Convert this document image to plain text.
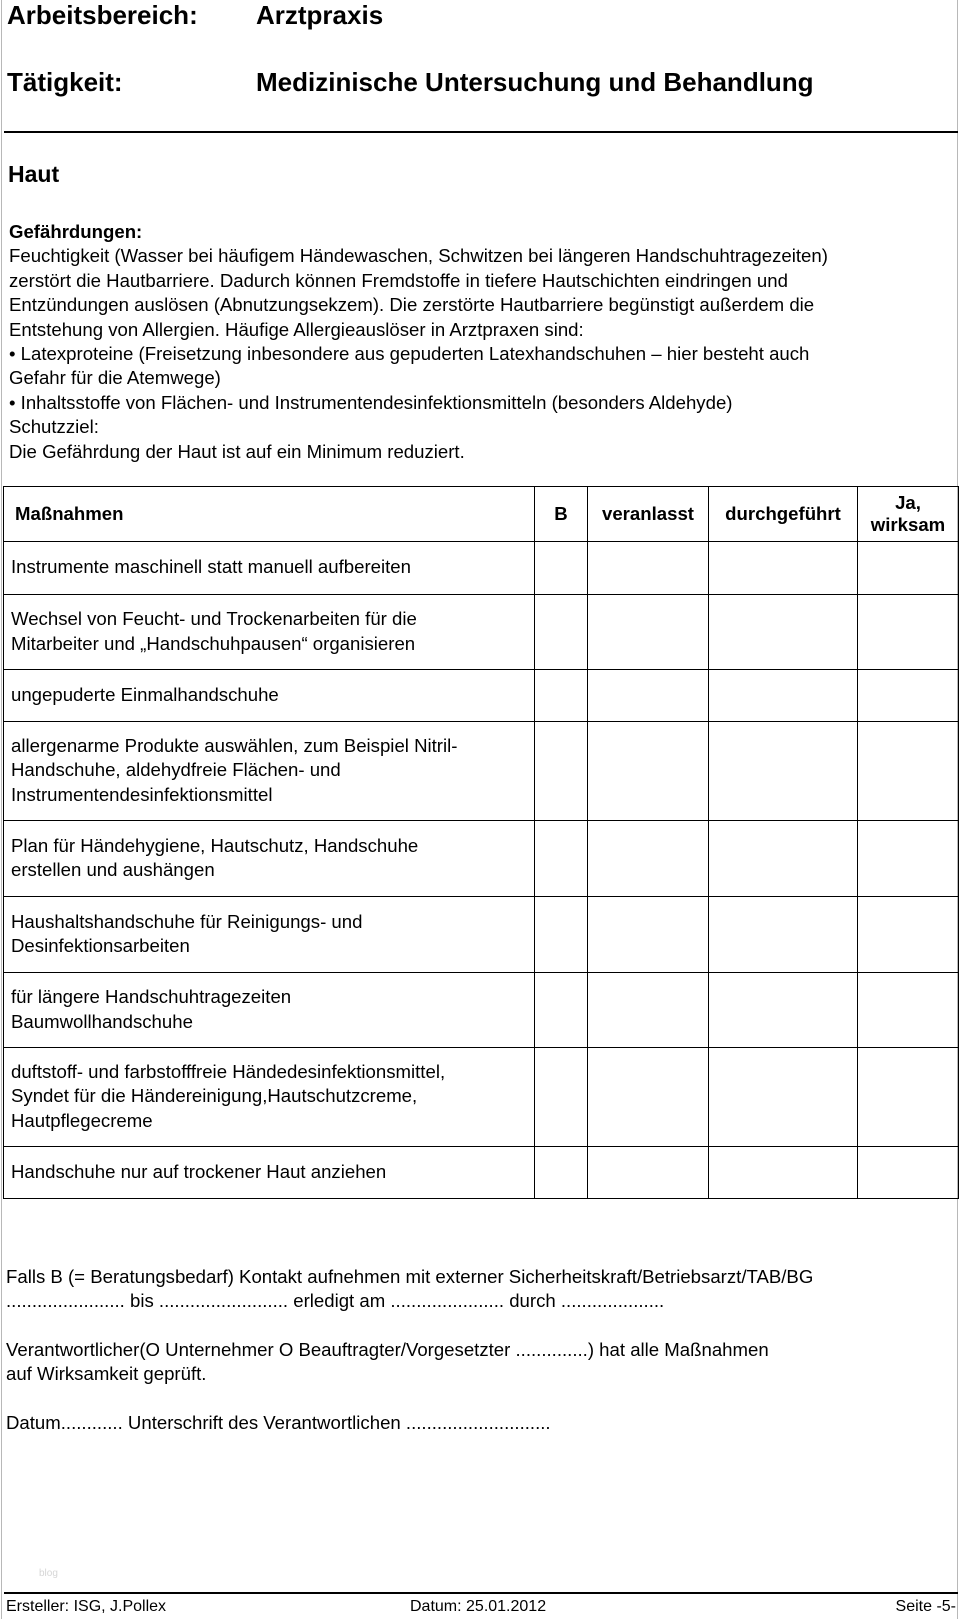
Arbeitsbereich: Arztpraxis
Tätigkeit:	Medizinische Untersuchung und Behandlung
Haut
Gefährdungen:
Feuchtigkeit (Wasser bei häufigem Händewaschen, Schwitzen bei längeren Handschuhtragezeiten)
zerstört die Hautbarriere. Dadurch können Fremdstoffe in tiefere Hautschichten eindringen und
Entzündungen auslösen (Abnutzungsekzem). Die zerstörte Hautbarriere begünstigt außerdem die
Entstehung von Allergien. Häufige Allergieauslöser in Arztpraxen sind:
• Latexproteine (Freisetzung inbesondere aus gepuderten Latexhandschuhen – hier besteht auch
Gefahr für die Atemwege)
• Inhaltsstoffe von Flächen- und Instrumentendesinfektionsmitteln (besonders Aldehyde)
Schutzziel:
Die Gefährdung der Haut ist auf ein Minimum reduziert.
Maßnahmen	B	veranlasst	durchgeführt	Ja,
wirksam

Instrumente maschinell statt manuell aufbereiten				

Wechsel von Feucht- und Trockenarbeiten für die
Mitarbeiter und „Handschuhpausen“ organisieren				

ungepuderte Einmalhandschuhe				

allergenarme Produkte auswählen, zum Beispiel Nitril-
Handschuhe, aldehydfreie Flächen- und
Instrumentendesinfektionsmittel				

Plan für Händehygiene, Hautschutz, Handschuhe
erstellen und aushängen				

Haushaltshandschuhe für Reinigungs- und
Desinfektionsarbeiten				

für längere Handschuhtragezeiten
Baumwollhandschuhe				

duftstoff- und farbstofffreie Händedesinfektionsmittel,
Syndet für die Händereinigung,Hautschutzcreme,
Hautpflegecreme				

Handschuhe nur auf trockener Haut anziehen				

Falls B (= Beratungsbedarf) Kontakt aufnehmen mit externer Sicherheitskraft/Betriebsarzt/TAB/BG
....................... bis ......................... erledigt am ...................... durch ....................
Verantwortlicher(O Unternehmer O Beauftragter/Vorgesetzter ..............) hat alle Maßnahmen
auf Wirksamkeit geprüft.
Datum............ Unterschrift des Verantwortlichen ............................
blog
Ersteller: ISG, J.Pollex	Datum: 25.01.2012	Seite -5-
